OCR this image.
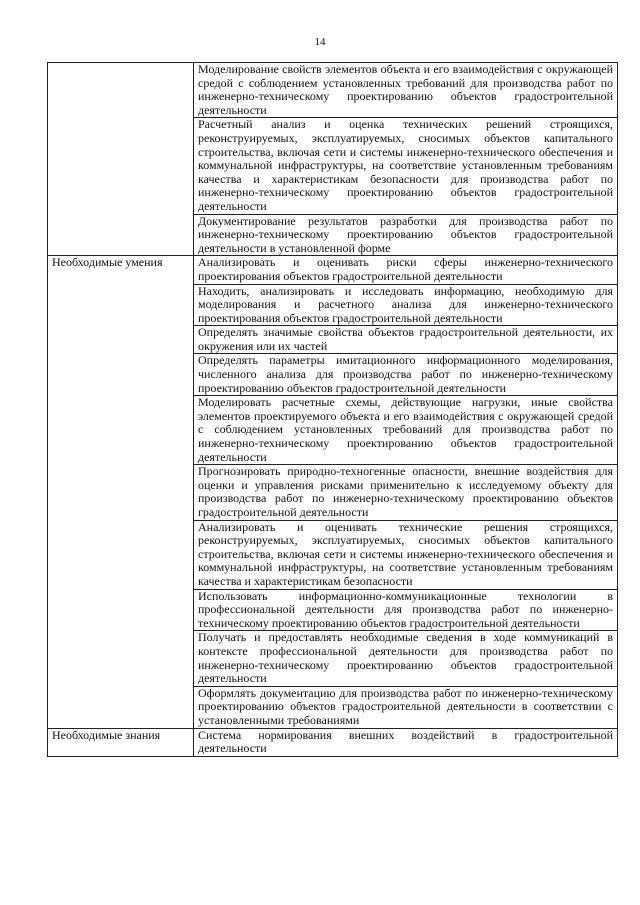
14
	Моделирование свойств элементов объекта и его взаимодействия с окружающей средой с соблюдением установленных требований для производства работ по инженерно-техническому проектированию объектов градостроительной деятельности
	Расчетный анализ и оценка технических решений строящихся, реконструируемых, эксплуатируемых, сносимых объектов капитального строительства, включая сети и системы инженерно-технического обеспечения и коммунальной инфраструктуры, на соответствие установленным требованиям качества и характеристикам безопасности для производства работ по инженерно-техническому проектированию объектов градостроительной деятельности
	Документирование результатов разработки для производства работ по инженерно-техническому проектированию объектов градостроительной деятельности в установленной форме
Необходимые умения	Анализировать и оценивать риски сферы инженерно-технического проектирования объектов градостроительной деятельности
	Находить, анализировать и исследовать информацию, необходимую для моделирования и расчетного анализа для инженерно-технического проектирования объектов градостроительной деятельности
	Определять значимые свойства объектов градостроительной деятельности, их окружения или их частей
	Определять параметры имитационного информационного моделирования, численного анализа для производства работ по инженерно-техническому проектированию объектов градостроительной деятельности
	Моделировать расчетные схемы, действующие нагрузки, иные свойства элементов проектируемого объекта и его взаимодействия с окружающей средой с соблюдением установленных требований для производства работ по инженерно-техническому проектированию объектов градостроительной деятельности
	Прогнозировать природно-техногенные опасности, внешние воздействия для оценки и управления рисками применительно к исследуемому объекту для производства работ по инженерно-техническому проектированию объектов градостроительной деятельности
	Анализировать и оценивать технические решения строящихся, реконструируемых, эксплуатируемых, сносимых объектов капитального строительства, включая сети и системы инженерно-технического обеспечения и коммунальной инфраструктуры, на соответствие установленным требованиям качества и характеристикам безопасности
	Использовать информационно-коммуникационные технологии в профессиональной деятельности для производства работ по инженерно-техническому проектированию объектов градостроительной деятельности
	Получать и предоставлять необходимые сведения в ходе коммуникаций в контексте профессиональной деятельности для производства работ по инженерно-техническому проектированию объектов градостроительной деятельности
	Оформлять документацию для производства работ по инженерно-техническому проектированию объектов градостроительной деятельности в соответствии с установленными требованиями
Необходимые знания	Система нормирования внешних воздействий в градостроительной деятельности
